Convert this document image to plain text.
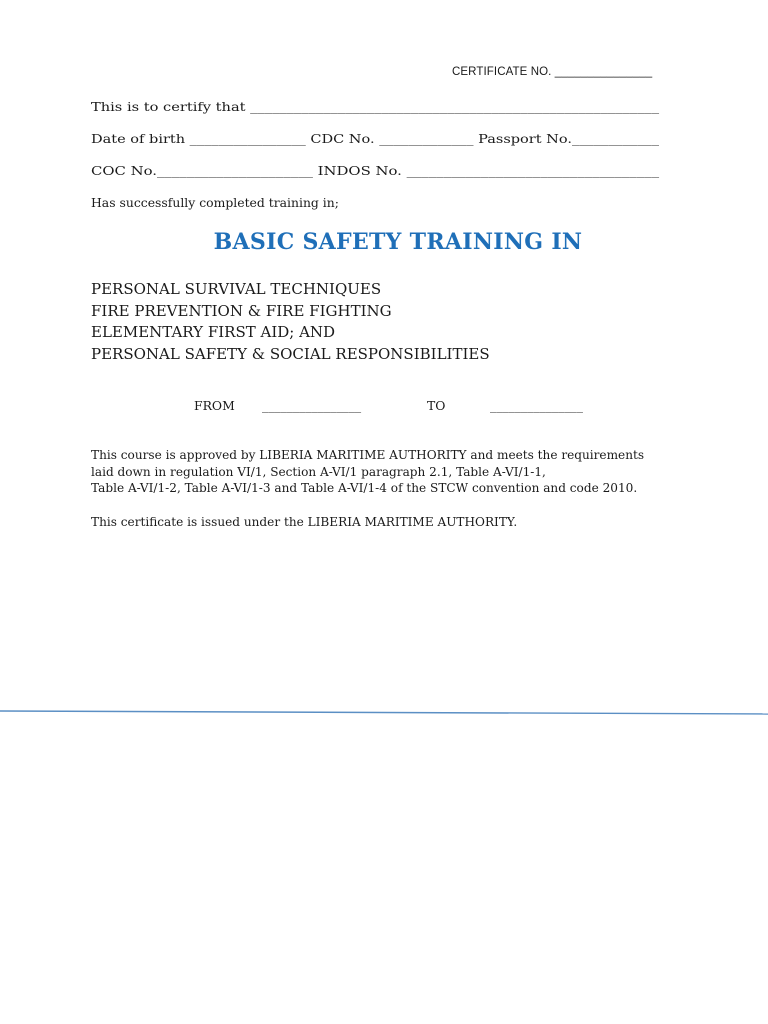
CERTIFICATE NO. _______________
This is to certify that ________________________________________________________
Date of birth ________________ CDC No. _____________ Passport No.____________
COC No._____________________ INDOS No. __________________________________
Has successfully completed training in;
BASIC SAFETY TRAINING IN
PERSONAL SURVIVAL TECHNIQUES
FIRE PREVENTION & FIRE FIGHTING
ELEMENTARY FIRST AID; AND
PERSONAL SAFETY & SOCIAL RESPONSIBILITIES
FROM ________________	TO	_______________

This course is approved by LIBERIA MARITIME AUTHORITY and meets the requirements
laid down in regulation VI/1, Section A-VI/1 paragraph 2.1, Table A-VI/1-1,
Table A-VI/1-2, Table A-VI/1-3 and Table A-VI/1-4 of the STCW convention and code 2010.

This certificate is issued under the LIBERIA MARITIME AUTHORITY.
